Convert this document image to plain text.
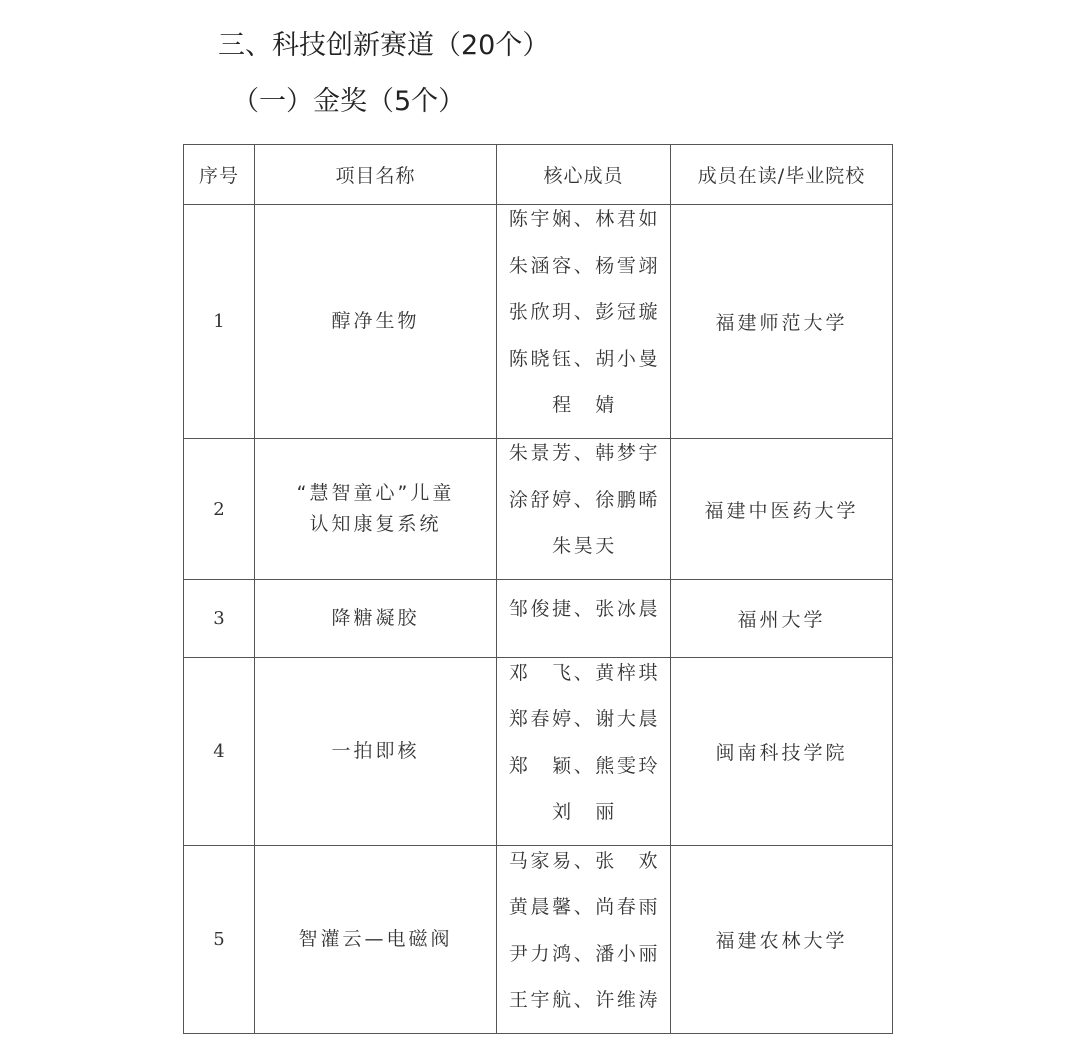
三、科技创新赛道（20个）
（一）金奖（5个）
序号	项目名称	核心成员	成员在读/毕业院校
1	醇净生物	陈宇娴、林君如
朱涵容、杨雪翊
张欣玥、彭冠璇
陈晓钰、胡小曼
程　婧	福建师范大学
2	“慧智童心”儿童
认知康复系统	朱景芳、韩梦宇
涂舒婷、徐鹏晞
朱昊天	福建中医药大学
3	降糖凝胶	邹俊捷、张冰晨	福州大学
4	一拍即核	邓　飞、黄梓琪
郑春婷、谢大晨
郑　颖、熊雯玲
刘　丽	闽南科技学院
5	智灌云—电磁阀	马家易、张　欢
黄晨馨、尚春雨
尹力鸿、潘小丽
王宇航、许维涛	福建农林大学
